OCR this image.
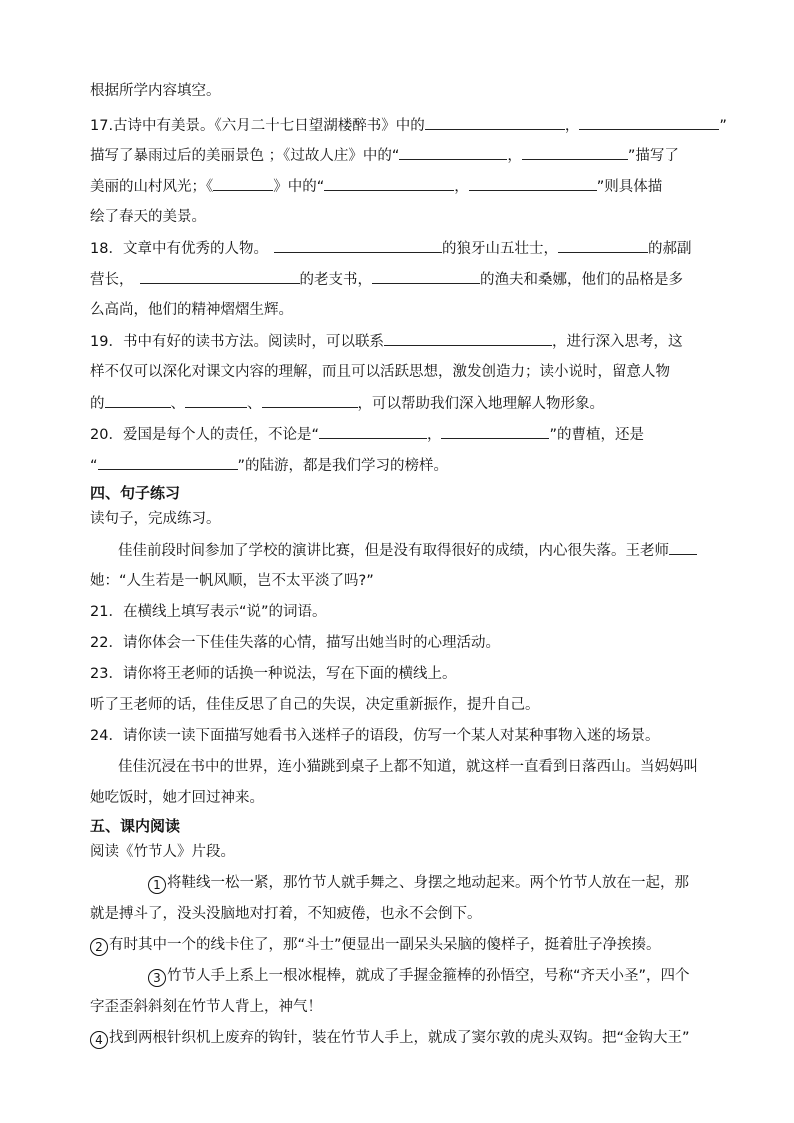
根据所学内容填空。
17.古诗中有美景。《六月二十七日望湖楼醉书》中的	，	”
描写了暴雨过后的美丽景色 ；《过故人庄》中的“	，	”描写了
美丽的山村风光；《	》中的“	，	”则具体描
绘了春天的美景。
18．文章中有优秀的人物。	的狼牙山五壮士，	的郝副
营长，	的老支书，	的渔夫和桑娜，他们的品格是多
么高尚，他们的精神熠熠生辉。
19．书中有好的读书方法。阅读时，可以联系	，进行深入思考，这
样不仅可以深化对课文内容的理解，而且可以活跃思想，激发创造力；读小说时，留意人物
的	、	、	，可以帮助我们深入地理解人物形象。
20．爱国是每个人的责任，不论是“	，	”的曹植，还是
“	”的陆游，都是我们学习的榜样。
四、句子练习
读句子，完成练习。
佳佳前段时间参加了学校的演讲比赛，但是没有取得很好的成绩，内心很失落。王老师
她：“人生若是一帆风顺，岂不太平淡了吗?”
21．在横线上填写表示“说”的词语。
22．请你体会一下佳佳失落的心情，描写出她当时的心理活动。
23．请你将王老师的话换一种说法，写在下面的横线上。
听了王老师的话，佳佳反思了自己的失误，决定重新振作，提升自己。
24．请你读一读下面描写她看书入迷样子的语段，仿写一个某人对某种事物入迷的场景。
佳佳沉浸在书中的世界，连小猫跳到桌子上都不知道，就这样一直看到日落西山。当妈妈叫
她吃饭时，她才回过神来。
五、课内阅读
阅读《竹节人》片段。
1 将鞋线一松一紧，那竹节人就手舞之、身摆之地动起来。两个竹节人放在一起，那
就是搏斗了，没头没脑地对打着，不知疲倦，也永不会倒下。
2 有时其中一个的线卡住了，那“斗士”便显出一副呆头呆脑的傻样子，挺着肚子净挨揍。
3 竹节人手上系上一根冰棍棒，就成了手握金箍棒的孙悟空，号称“齐天小圣”，四个
字歪歪斜斜刻在竹节人背上，神气！
4 找到两根针织机上废弃的钩针，装在竹节人手上，就成了窦尔敦的虎头双钩。把“金钩大王”
